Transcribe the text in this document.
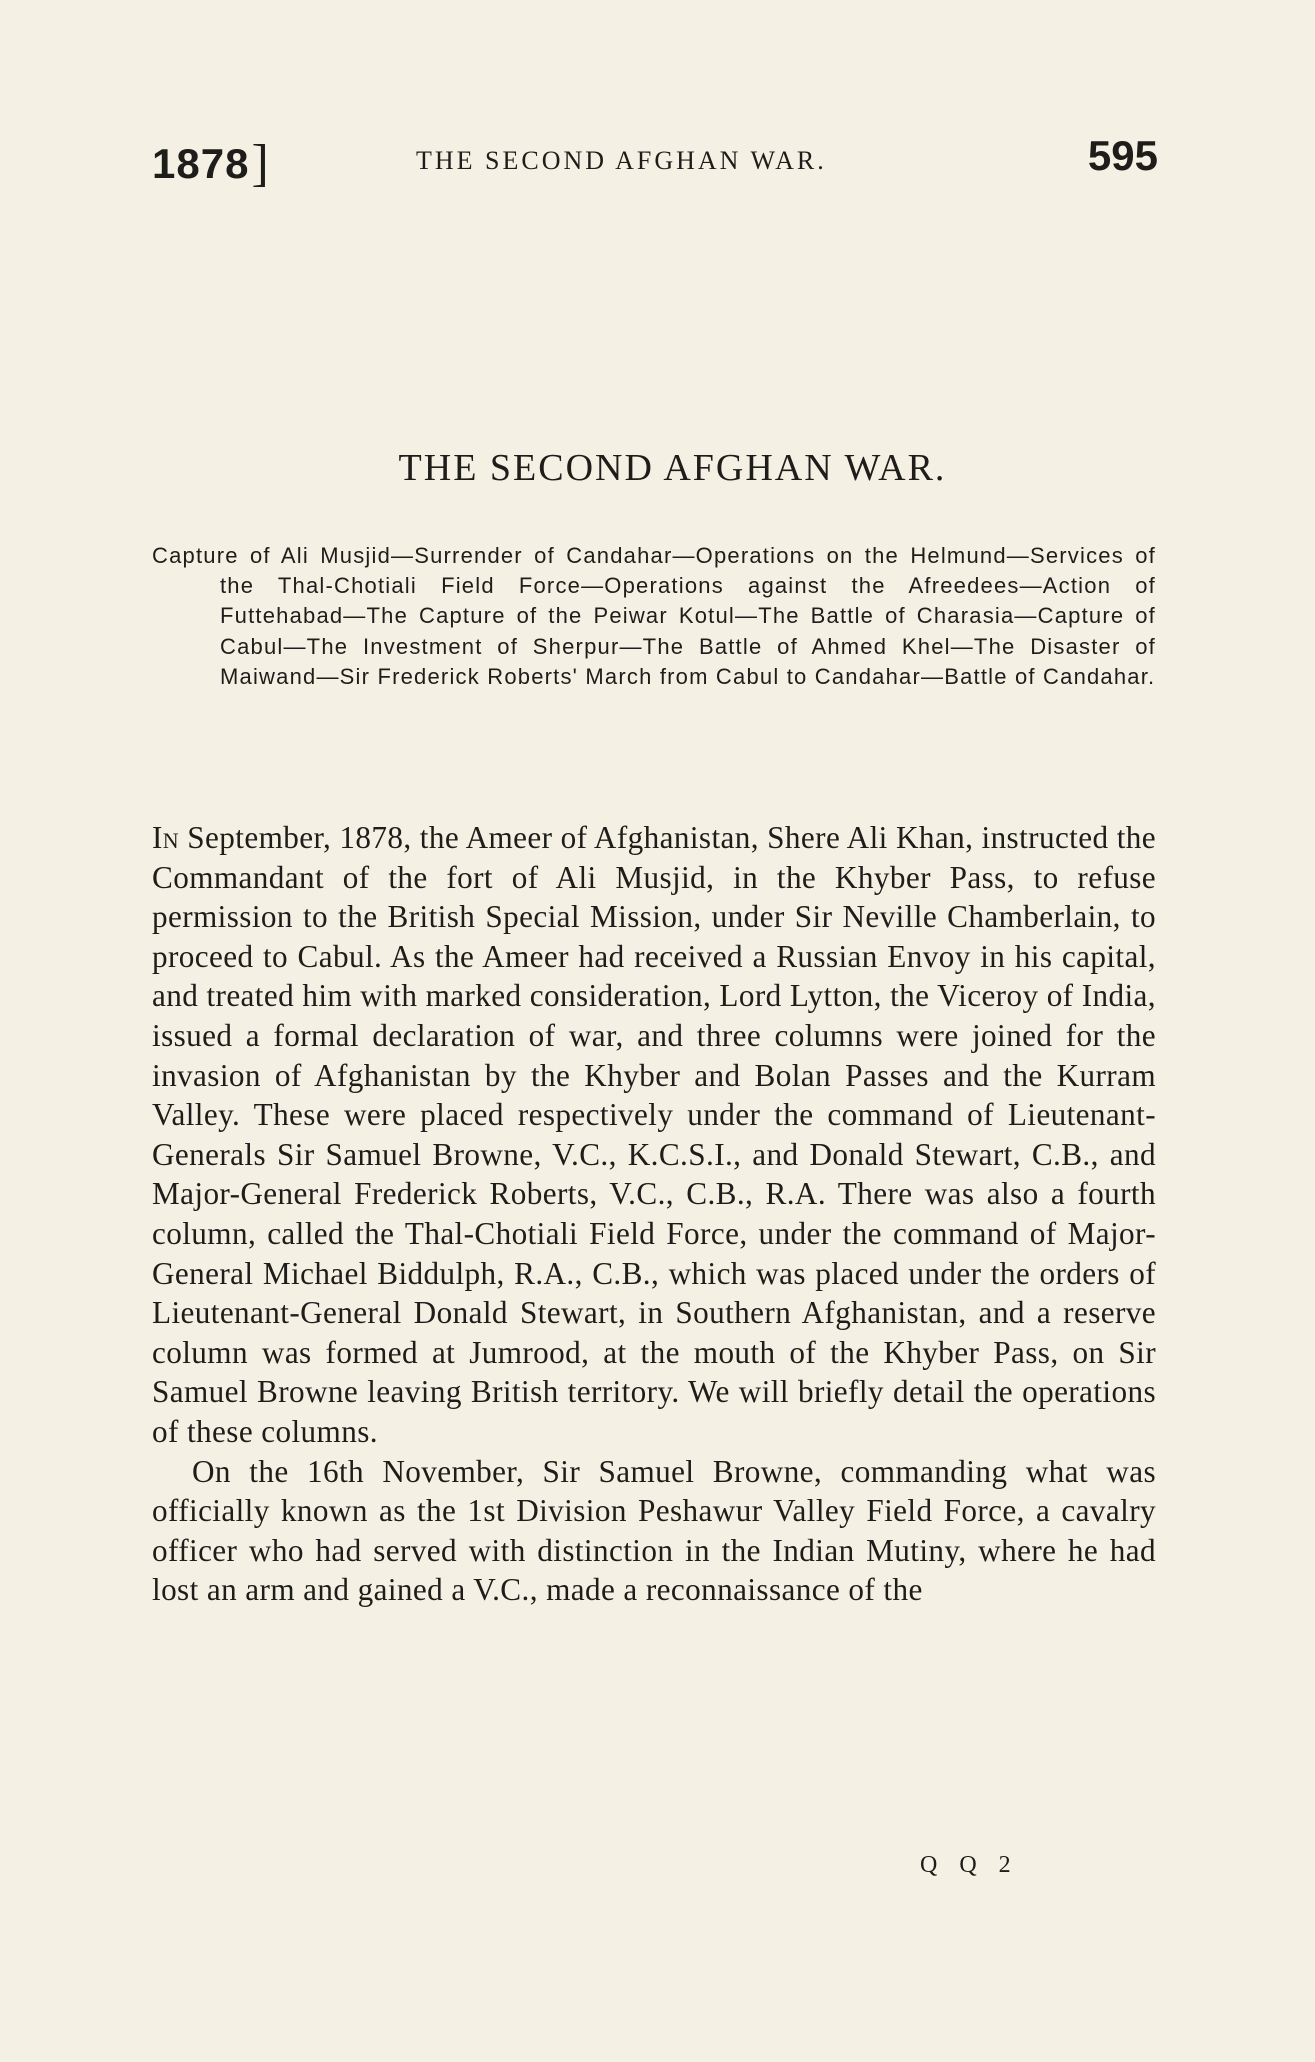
1878]	THE SECOND AFGHAN WAR.	595
THE SECOND AFGHAN WAR.

Capture of Ali Musjid—Surrender of Candahar—Operations on the Helmund—Services of the Thal-Chotiali Field Force—Operations against the Afreedees—Action of Futtehabad—The Capture of the Peiwar Kotul—The Battle of Charasia—Capture of Cabul—The Investment of Sherpur—The Battle of Ahmed Khel—The Disaster of Maiwand—Sir Frederick Roberts' March from Cabul to Candahar—Battle of Candahar.

In September, 1878, the Ameer of Afghanistan, Shere Ali Khan, instructed the Commandant of the fort of Ali Musjid, in the Khyber Pass, to refuse permission to the British Special Mission, under Sir Neville Chamberlain, to proceed to Cabul. As the Ameer had received a Russian Envoy in his capital, and treated him with marked consideration, Lord Lytton, the Viceroy of India, issued a formal declaration of war, and three columns were joined for the invasion of Afghanistan by the Khyber and Bolan Passes and the Kurram Valley. These were placed respectively under the command of Lieutenant-Generals Sir Samuel Browne, V.C., K.C.S.I., and Donald Stewart, C.B., and Major-General Frederick Roberts, V.C., C.B., R.A. There was also a fourth column, called the Thal-Chotiali Field Force, under the command of Major-General Michael Biddulph, R.A., C.B., which was placed under the orders of Lieutenant-General Donald Stewart, in Southern Afghanistan, and a reserve column was formed at Jumrood, at the mouth of the Khyber Pass, on Sir Samuel Browne leaving British territory. We will briefly detail the operations of these columns.

On the 16th November, Sir Samuel Browne, commanding what was officially known as the 1st Division Peshawur Valley Field Force, a cavalry officer who had served with distinction in the Indian Mutiny, where he had lost an arm and gained a V.C., made a reconnaissance of the

Q Q 2
